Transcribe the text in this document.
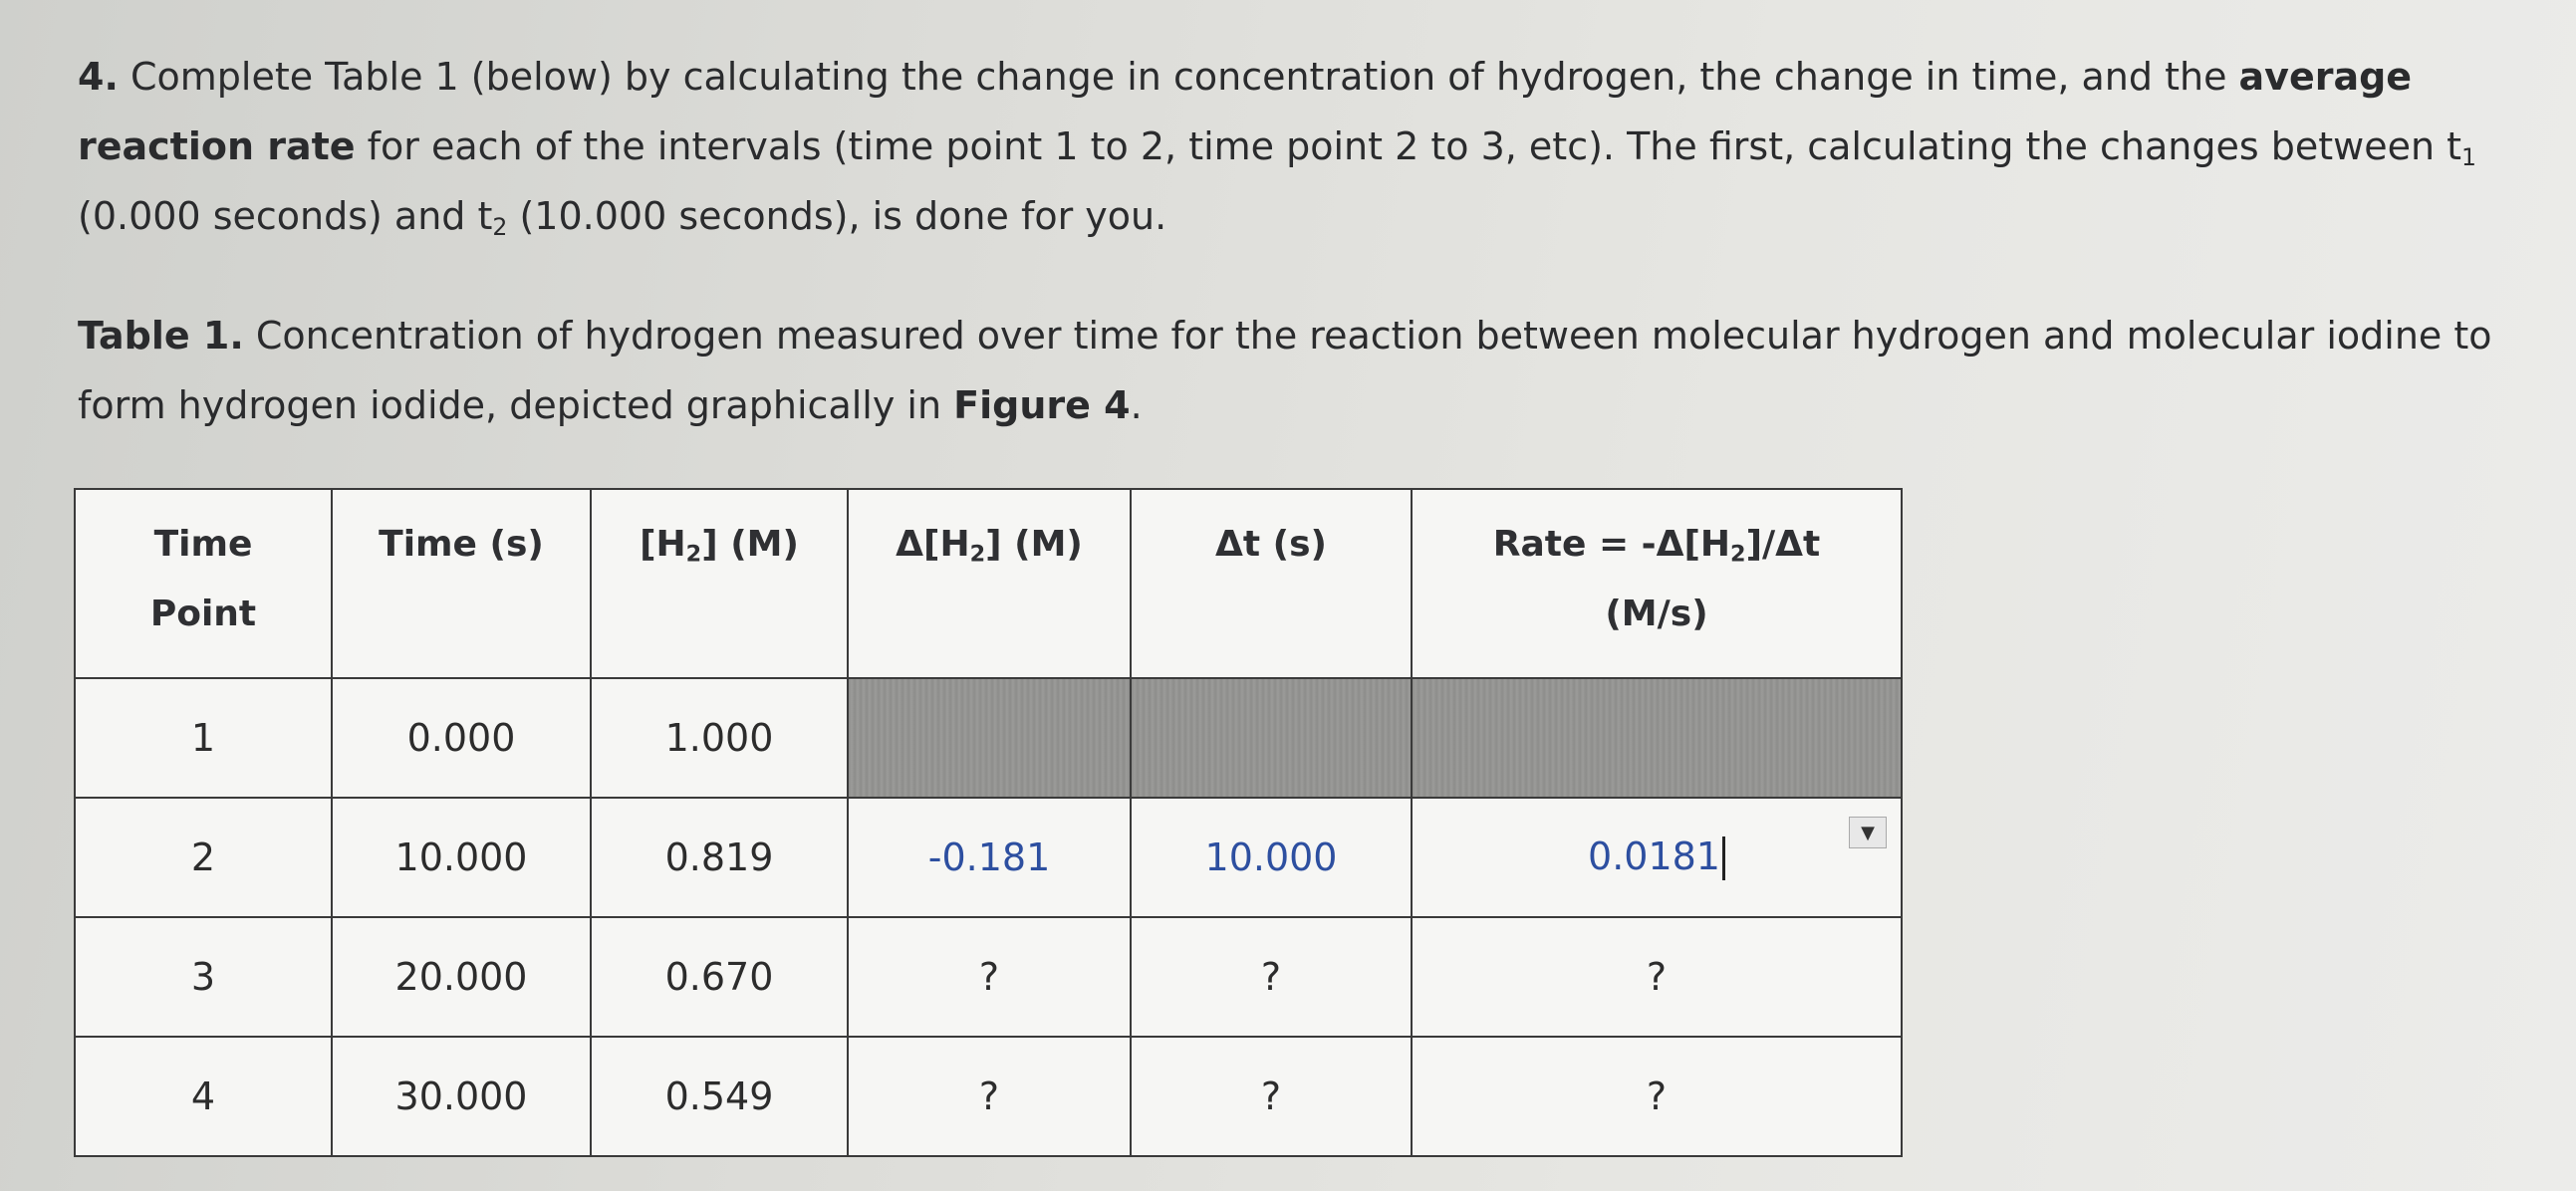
4. Complete Table 1 (below) by calculating the change in concentration of hydrogen, the change in time, and the average reaction rate for each of the intervals (time point 1 to 2, time point 2 to 3, etc). The first, calculating the changes between $t_1$ (0.000 seconds) and $t_2$ (10.000 seconds), is done for you.
Table 1. Concentration of hydrogen measured over time for the reaction between molecular hydrogen and molecular iodine to form hydrogen iodide, depicted graphically in Figure 4.
Time
Point	Time (s)	$[H_2]$ (M)	$\Delta[H_2]$ (M)	Δt (s)	Rate = $-\Delta[H_2]/\Delta t$
(M/s)
1	0.000	1.000			
2	10.000	0.819	-0.181	10.000	0.0181
▼

3	20.000	0.670	?	?	?
4	30.000	0.549	?	?	?
